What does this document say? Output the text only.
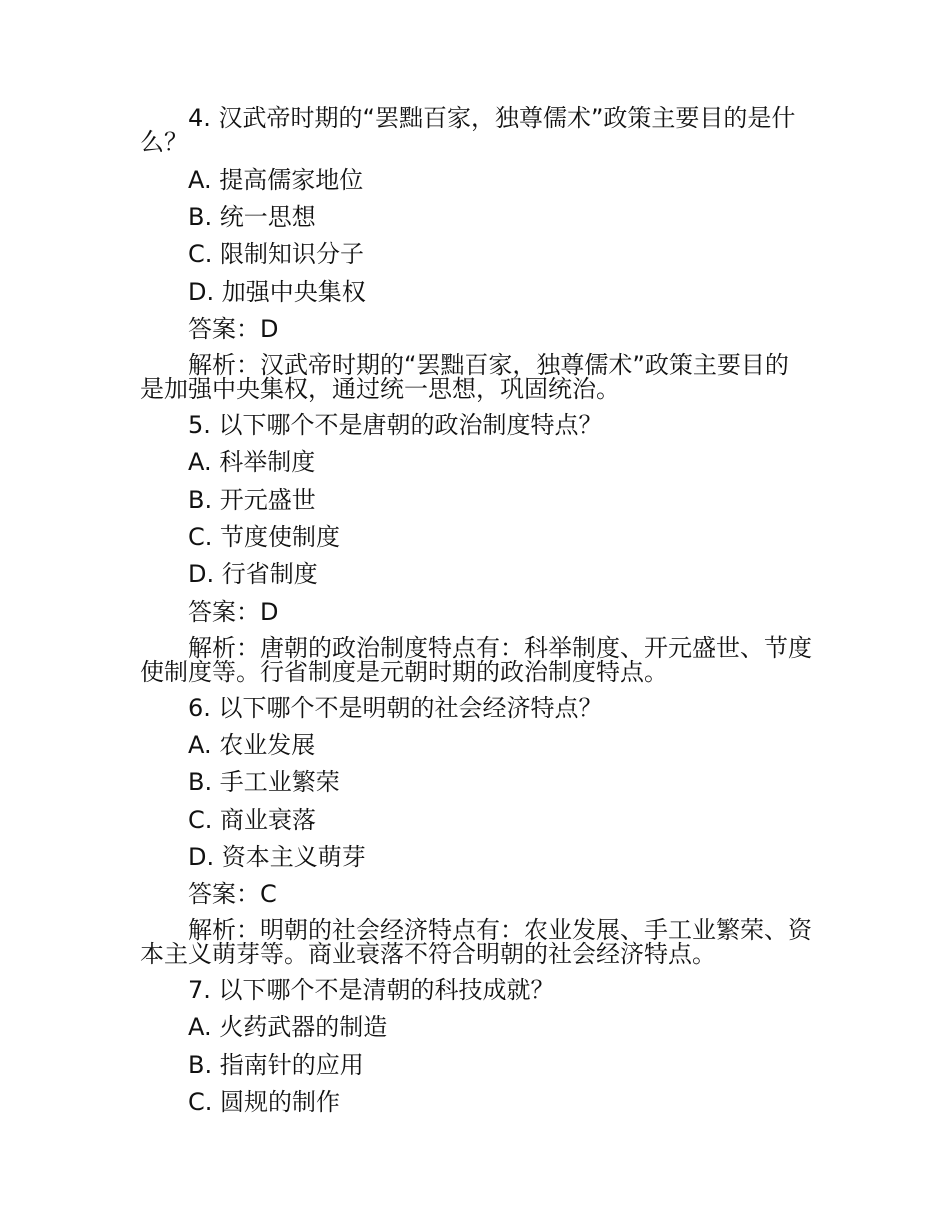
4. 汉武帝时期的“罢黜百家，独尊儒术”政策主要目的是什么？

A. 提高儒家地位
B. 统一思想
C. 限制知识分子
D. 加强中央集权
答案：D

解析：汉武帝时期的“罢黜百家，独尊儒术”政策主要目的是加强中央集权，通过统一思想，巩固统治。

5. 以下哪个不是唐朝的政治制度特点？
A. 科举制度
B. 开元盛世
C. 节度使制度
D. 行省制度
答案：D

解析：唐朝的政治制度特点有：科举制度、开元盛世、节度使制度等。行省制度是元朝时期的政治制度特点。

6. 以下哪个不是明朝的社会经济特点？
A. 农业发展
B. 手工业繁荣
C. 商业衰落
D. 资本主义萌芽
答案：C

解析：明朝的社会经济特点有：农业发展、手工业繁荣、资本主义萌芽等。商业衰落不符合明朝的社会经济特点。

7. 以下哪个不是清朝的科技成就？
A. 火药武器的制造
B. 指南针的应用
C. 圆规的制作
